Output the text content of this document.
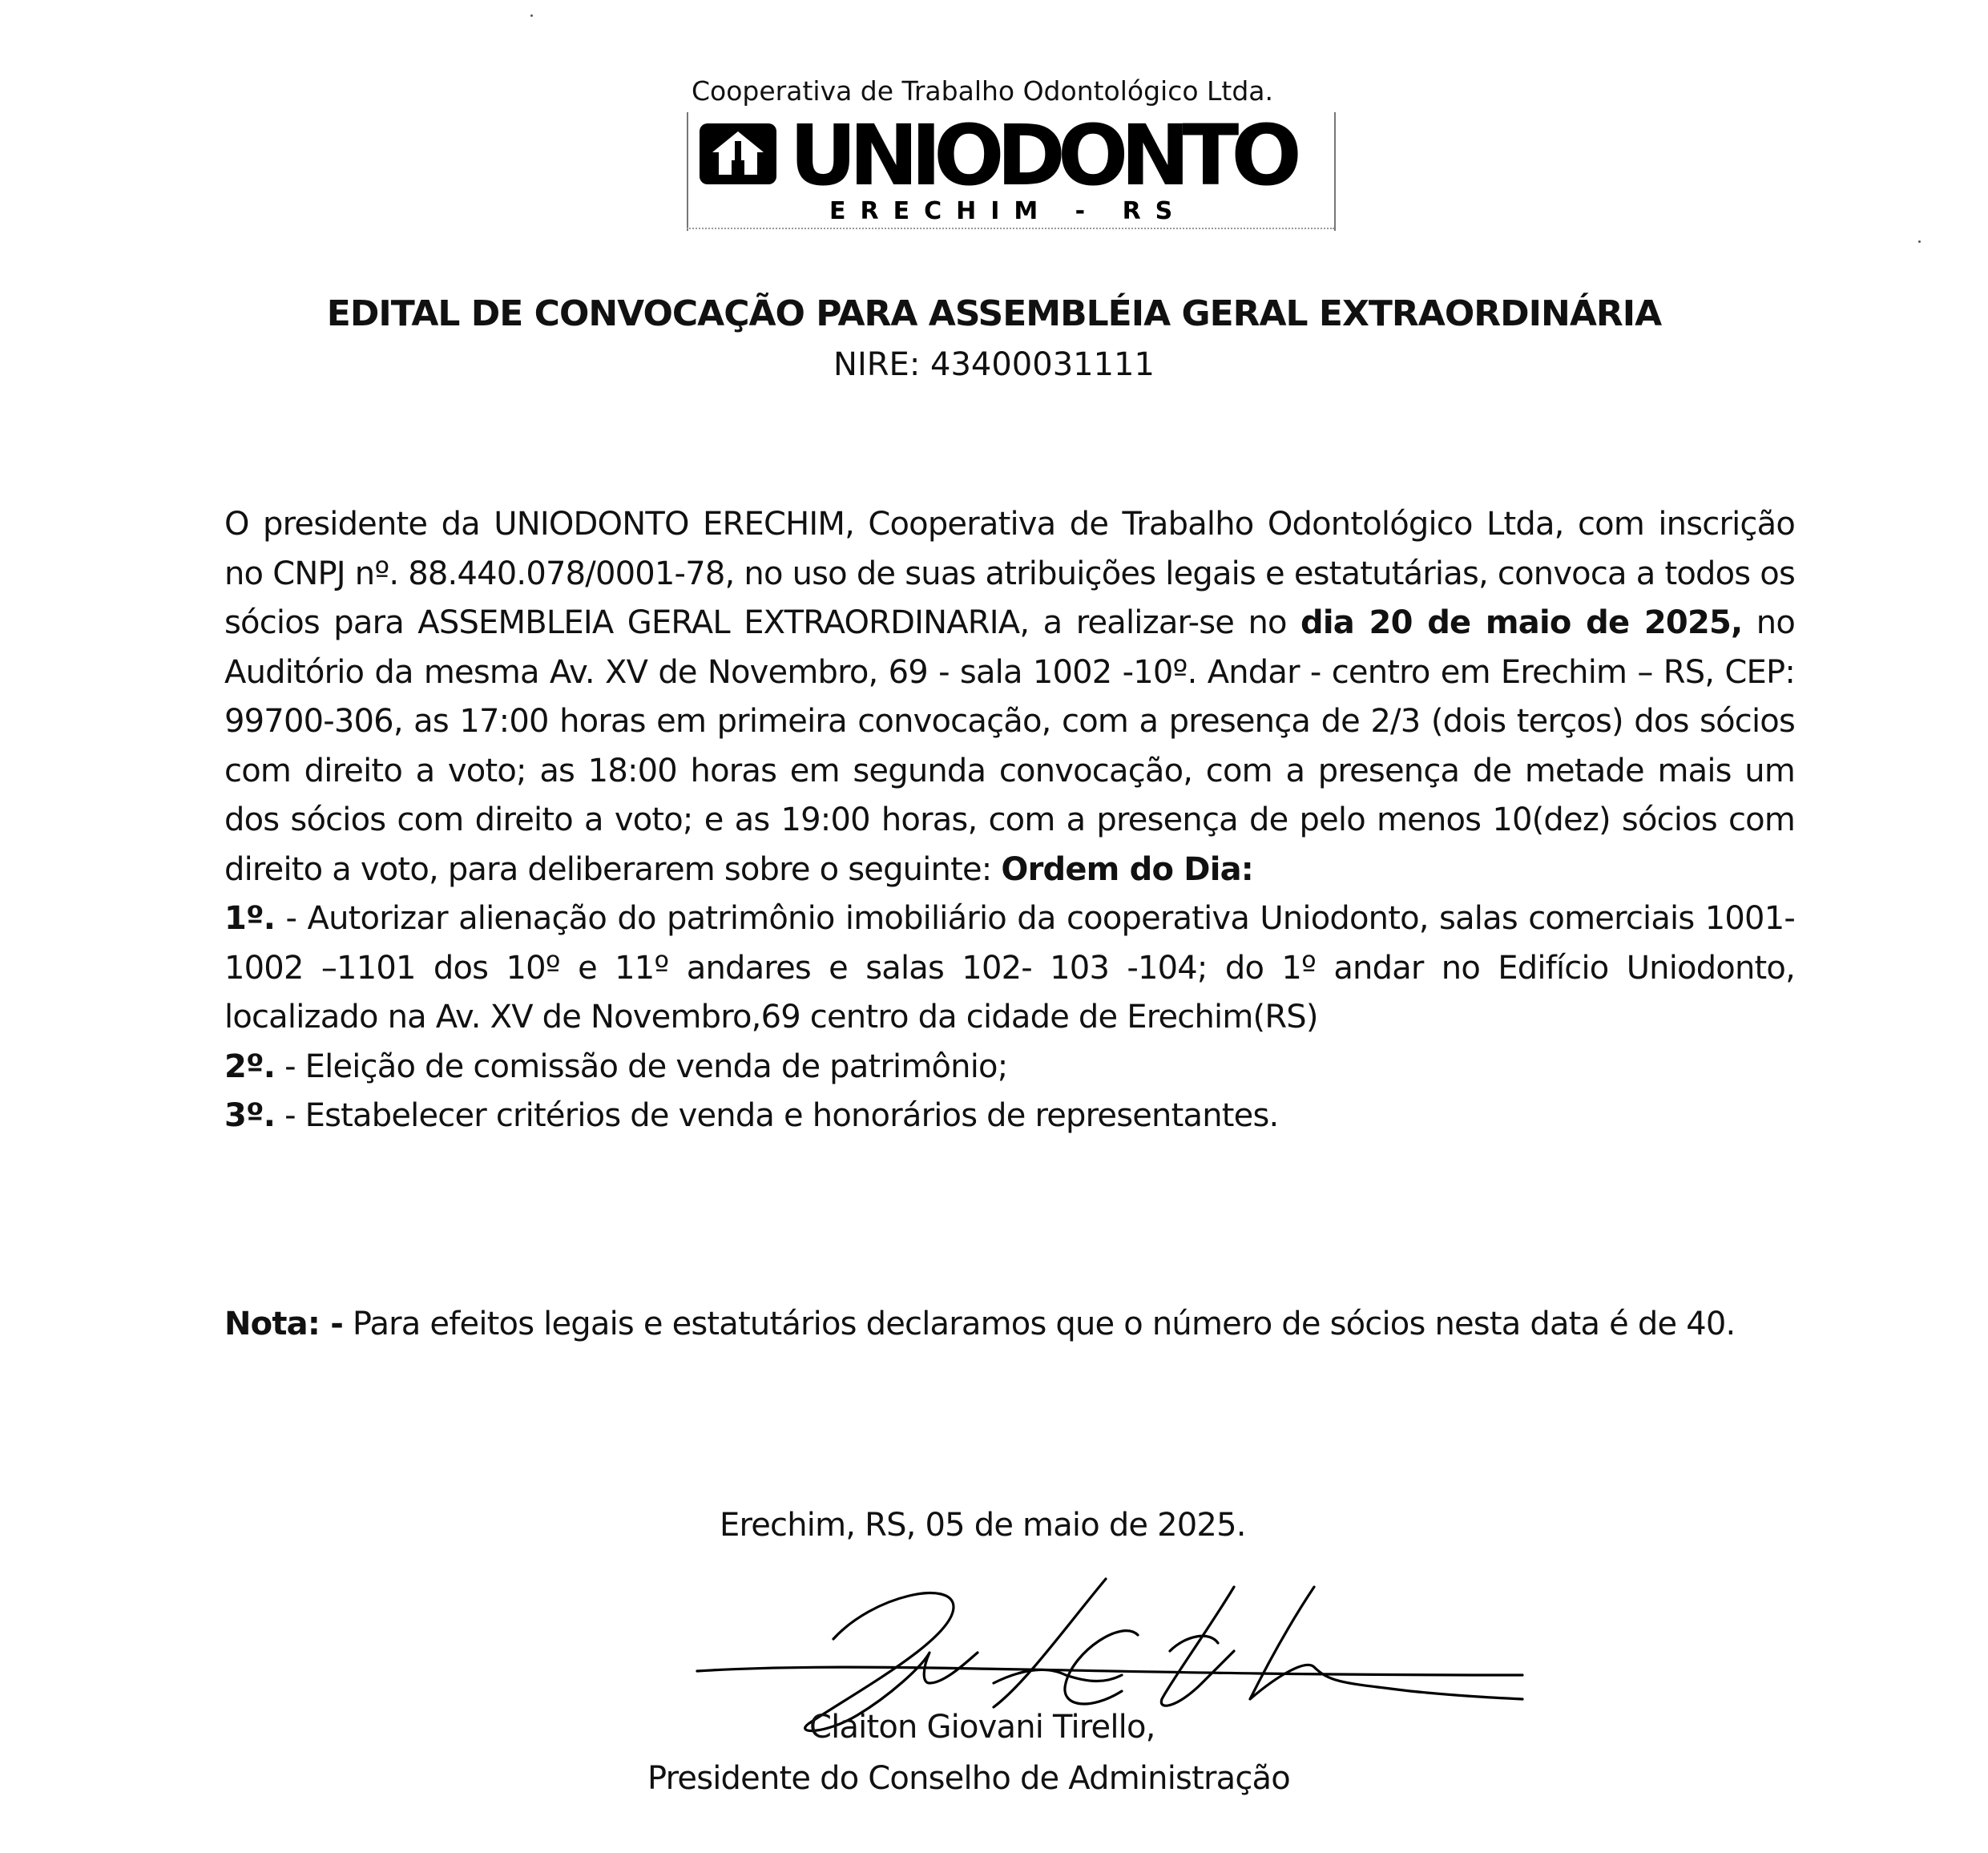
Cooperativa de Trabalho Odontológico Ltda.
UNIODONTO
ERECHIM - RS
EDITAL DE CONVOCAÇÃO PARA ASSEMBLÉIA GERAL EXTRAORDINÁRIA
NIRE: 43400031111

O presidente da UNIODONTO ERECHIM, Cooperativa de Trabalho Odontológico Ltda, com inscrição no CNPJ nº. 88.440.078/0001-78, no uso de suas atribuições legais e estatutárias, convoca a todos os sócios para ASSEMBLEIA GERAL EXTRAORDINARIA, a realizar-se no dia 20 de maio de 2025, no Auditório da mesma Av. XV de Novembro, 69 - sala 1002 -10º. Andar - centro em Erechim – RS, CEP: 99700-306, as 17:00 horas em primeira convocação, com a presença de 2/3 (dois terços) dos sócios com direito a voto; as 18:00 horas em segunda convocação, com a presença de metade mais um dos sócios com direito a voto; e as 19:00 horas, com a presença de pelo menos 10(dez) sócios com direito a voto, para deliberarem sobre o seguinte: Ordem do Dia:

1º. - Autorizar alienação do patrimônio imobiliário da cooperativa Uniodonto, salas comerciais 1001-1002 –1101 dos 10º e 11º andares e salas 102- 103 -104; do 1º andar no Edifício Uniodonto, localizado na Av. XV de Novembro,69 centro da cidade de Erechim(RS)

2º. - Eleição de comissão de venda de patrimônio;

3º. - Estabelecer critérios de venda e honorários de representantes.

Nota: - Para efeitos legais e estatutários declaramos que o número de sócios nesta data é de 40.
Erechim, RS, 05 de maio de 2025.
Claiton Giovani Tirello,
Presidente do Conselho de Administração
